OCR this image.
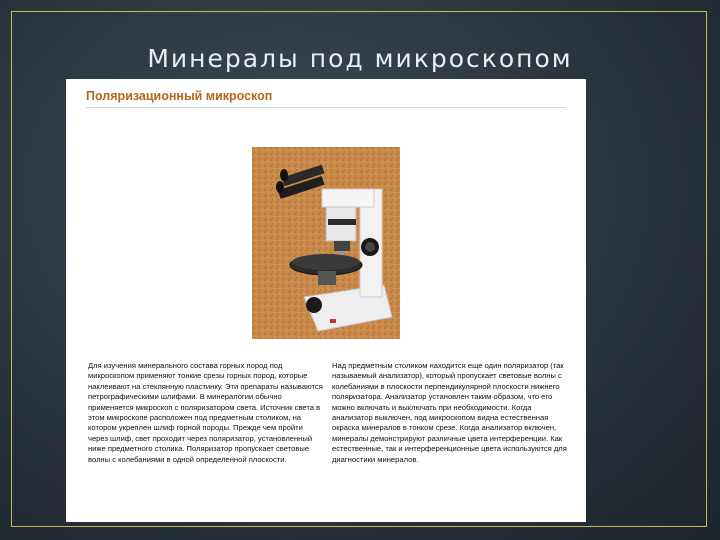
Минералы под микроскопом
Поляризационный микроскоп
Для изучения минерального состава горных пород под микроскопом применяют тонкие срезы горных пород, которые наклеивают на стеклянную пластинку. Эти препараты называются петрографическими шлифами. В минералогии обычно применяется микроскоп с поляризатором света. Источник света в этом микроскопе расположен под предметным столиком, на котором укреплен шлиф горной породы. Прежде чем пройти через шлиф, свет проходит через поляризатор, установленный ниже предметного столика. Поляризатор пропускает световые волны с колебаниями в одной определенной плоскости.
Над предметным столиком находится еще один поляризатор (так называемый анализатор), который пропускает световые волны с колебаниями в плоскости перпендикулярной плоскости нижнего поляризатора. Анализатор установлен таким образом, что его можно включать и выключать при необходимости. Когда анализатор выключен, под микроскопом видна естественная окраска минералов в тонком срезе. Когда анализатор включен, минералы демонстрируют различные цвета интерференции. Как естественные, так и интерференционные цвета используются для диагностики минералов.
